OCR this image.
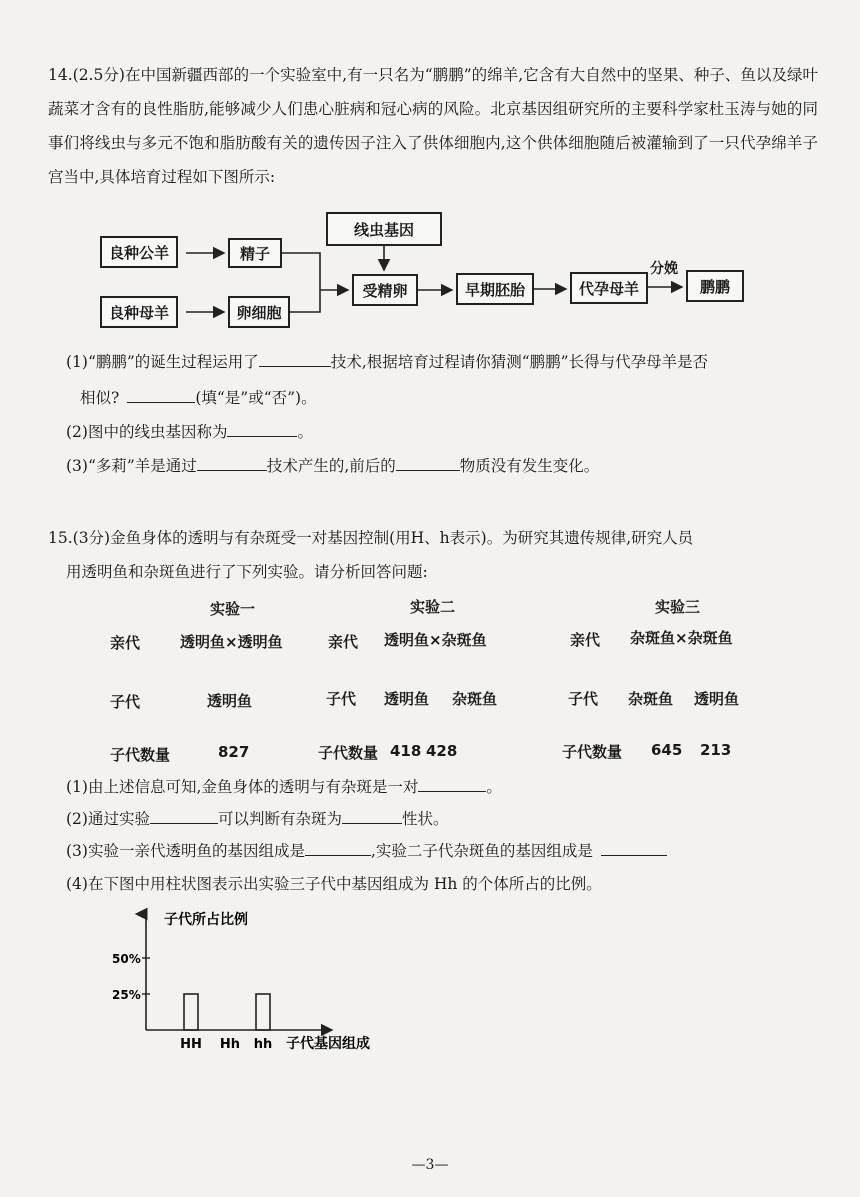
14.(2.5分)在中国新疆西部的一个实验室中,有一只名为“鹏鹏”的绵羊,它含有大自然中的坚果、种子、鱼以及绿叶蔬菜才含有的良性脂肪,能够减少人们患心脏病和冠心病的风险。北京基因组研究所的主要科学家杜玉涛与她的同事们将线虫与多元不饱和脂肪酸有关的遗传因子注入了供体细胞内,这个供体细胞随后被灌输到了一只代孕绵羊子宫当中,具体培育过程如下图所示:
良种公羊	精子
良种母羊	卵细胞
线虫基因
受精卵	早期胚胎	代孕母羊	鹏鹏
分娩
(1)“鹏鹏”的诞生过程运用了	技术,根据培育过程请你猜测“鹏鹏”长得与代孕母羊是否
相似?	(填“是”或“否”)。
(2)图中的线虫基因称为	。
(3)“多莉”羊是通过	技术产生的,前后的	物质没有发生变化。
15.(3分)金鱼身体的透明与有杂斑受一对基因控制(用H、h表示)。为研究其遗传规律,研究人员
用透明鱼和杂斑鱼进行了下列实验。请分析回答问题:
实验一	实验二	实验三
亲代	透明鱼×透明鱼	亲代 透明鱼×杂斑鱼	亲代 杂斑鱼×杂斑鱼
子代	透明鱼	子代 透明鱼 杂斑鱼	子代 杂斑鱼 透明鱼
子代数量	827	子代数量 418 428	子代数量 645 213
(1)由上述信息可知,金鱼身体的透明与有杂斑是一对	。
(2)通过实验	可以判断有杂斑为	性状。
(3)实验一亲代透明鱼的基因组成是	,实验二子代杂斑鱼的基因组成是
(4)在下图中用柱状图表示出实验三子代中基因组成为 Hh 的个体所占的比例。
子代所占比例
子代基因组成
25%
50%
HH Hh hh
—3—
